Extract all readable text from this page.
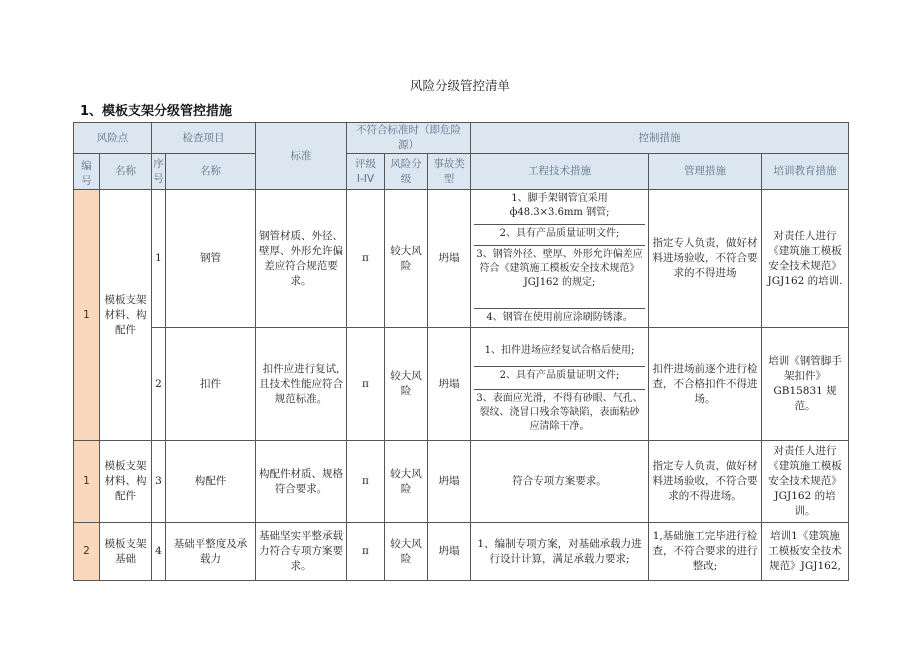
风险分级管控清单
1、模板支架分级管控措施
风险点		检查项目		标准	不符合标准时（即危险源）			控制措施		
编号	名称	序号	名称		评级 I-IV	风险分级	事故类型	工程技术措施	管理措施	培训教育措施
1	模板支架材料、构配件	1	钢管	钢管材质、外径、壁厚、外形允许偏差应符合规范要求。	π	较大风险	坍塌	1、脚手架钢管宜采用 ф48.3×3.6mm 钢管;
2、具有产品质量证明文件;
3、钢管外径、壁厚、外形允许偏差应符合《建筑施工模板安全技术规范》JGJ162 的规定;
4、钢管在使用前应涂刷防锈漆。	指定专人负责，做好材料进场验收，不符合要求的不得进场	对责任人进行《建筑施工模板安全技术规范》JGJ162 的培训.
		2	扣件	扣件应进行复试,且技术性能应符合规范标准。	π	较大风险	坍塌	1、扣件进场应经复试合格后使用;
2、具有产品质量证明文件;
3、表面应光滑，不得有砂眼、气孔、裂纹、浇冒口残余等缺陷，表面粘砂应清除干净。	扣件进场前逐个进行检查，不合格扣件不得进场。	培训《钢管脚手架扣件》GB15831 规范。
1	模板支架材料、构配件	3	构配件	构配件材质、规格符合要求。	π	较大风险	坍塌	符合专项方案要求。	指定专人负责，做好材料进场验收，不符合要求的不得进场。	对责任人进行《建筑施工模板安全技术规范》JGJ162 的培训。
2	模板支架基础	4	基础平整度及承载力	基础坚实平整承载力符合专项方案要求。	π	较大风险	坍塌	1、编制专项方案，对基础承载力进行设计计算，满足承载力要求;	1,基础施工完毕进行检查，不符合要求的进行整改;	培训1《建筑施工模板安全技术规范》JGJ162,
